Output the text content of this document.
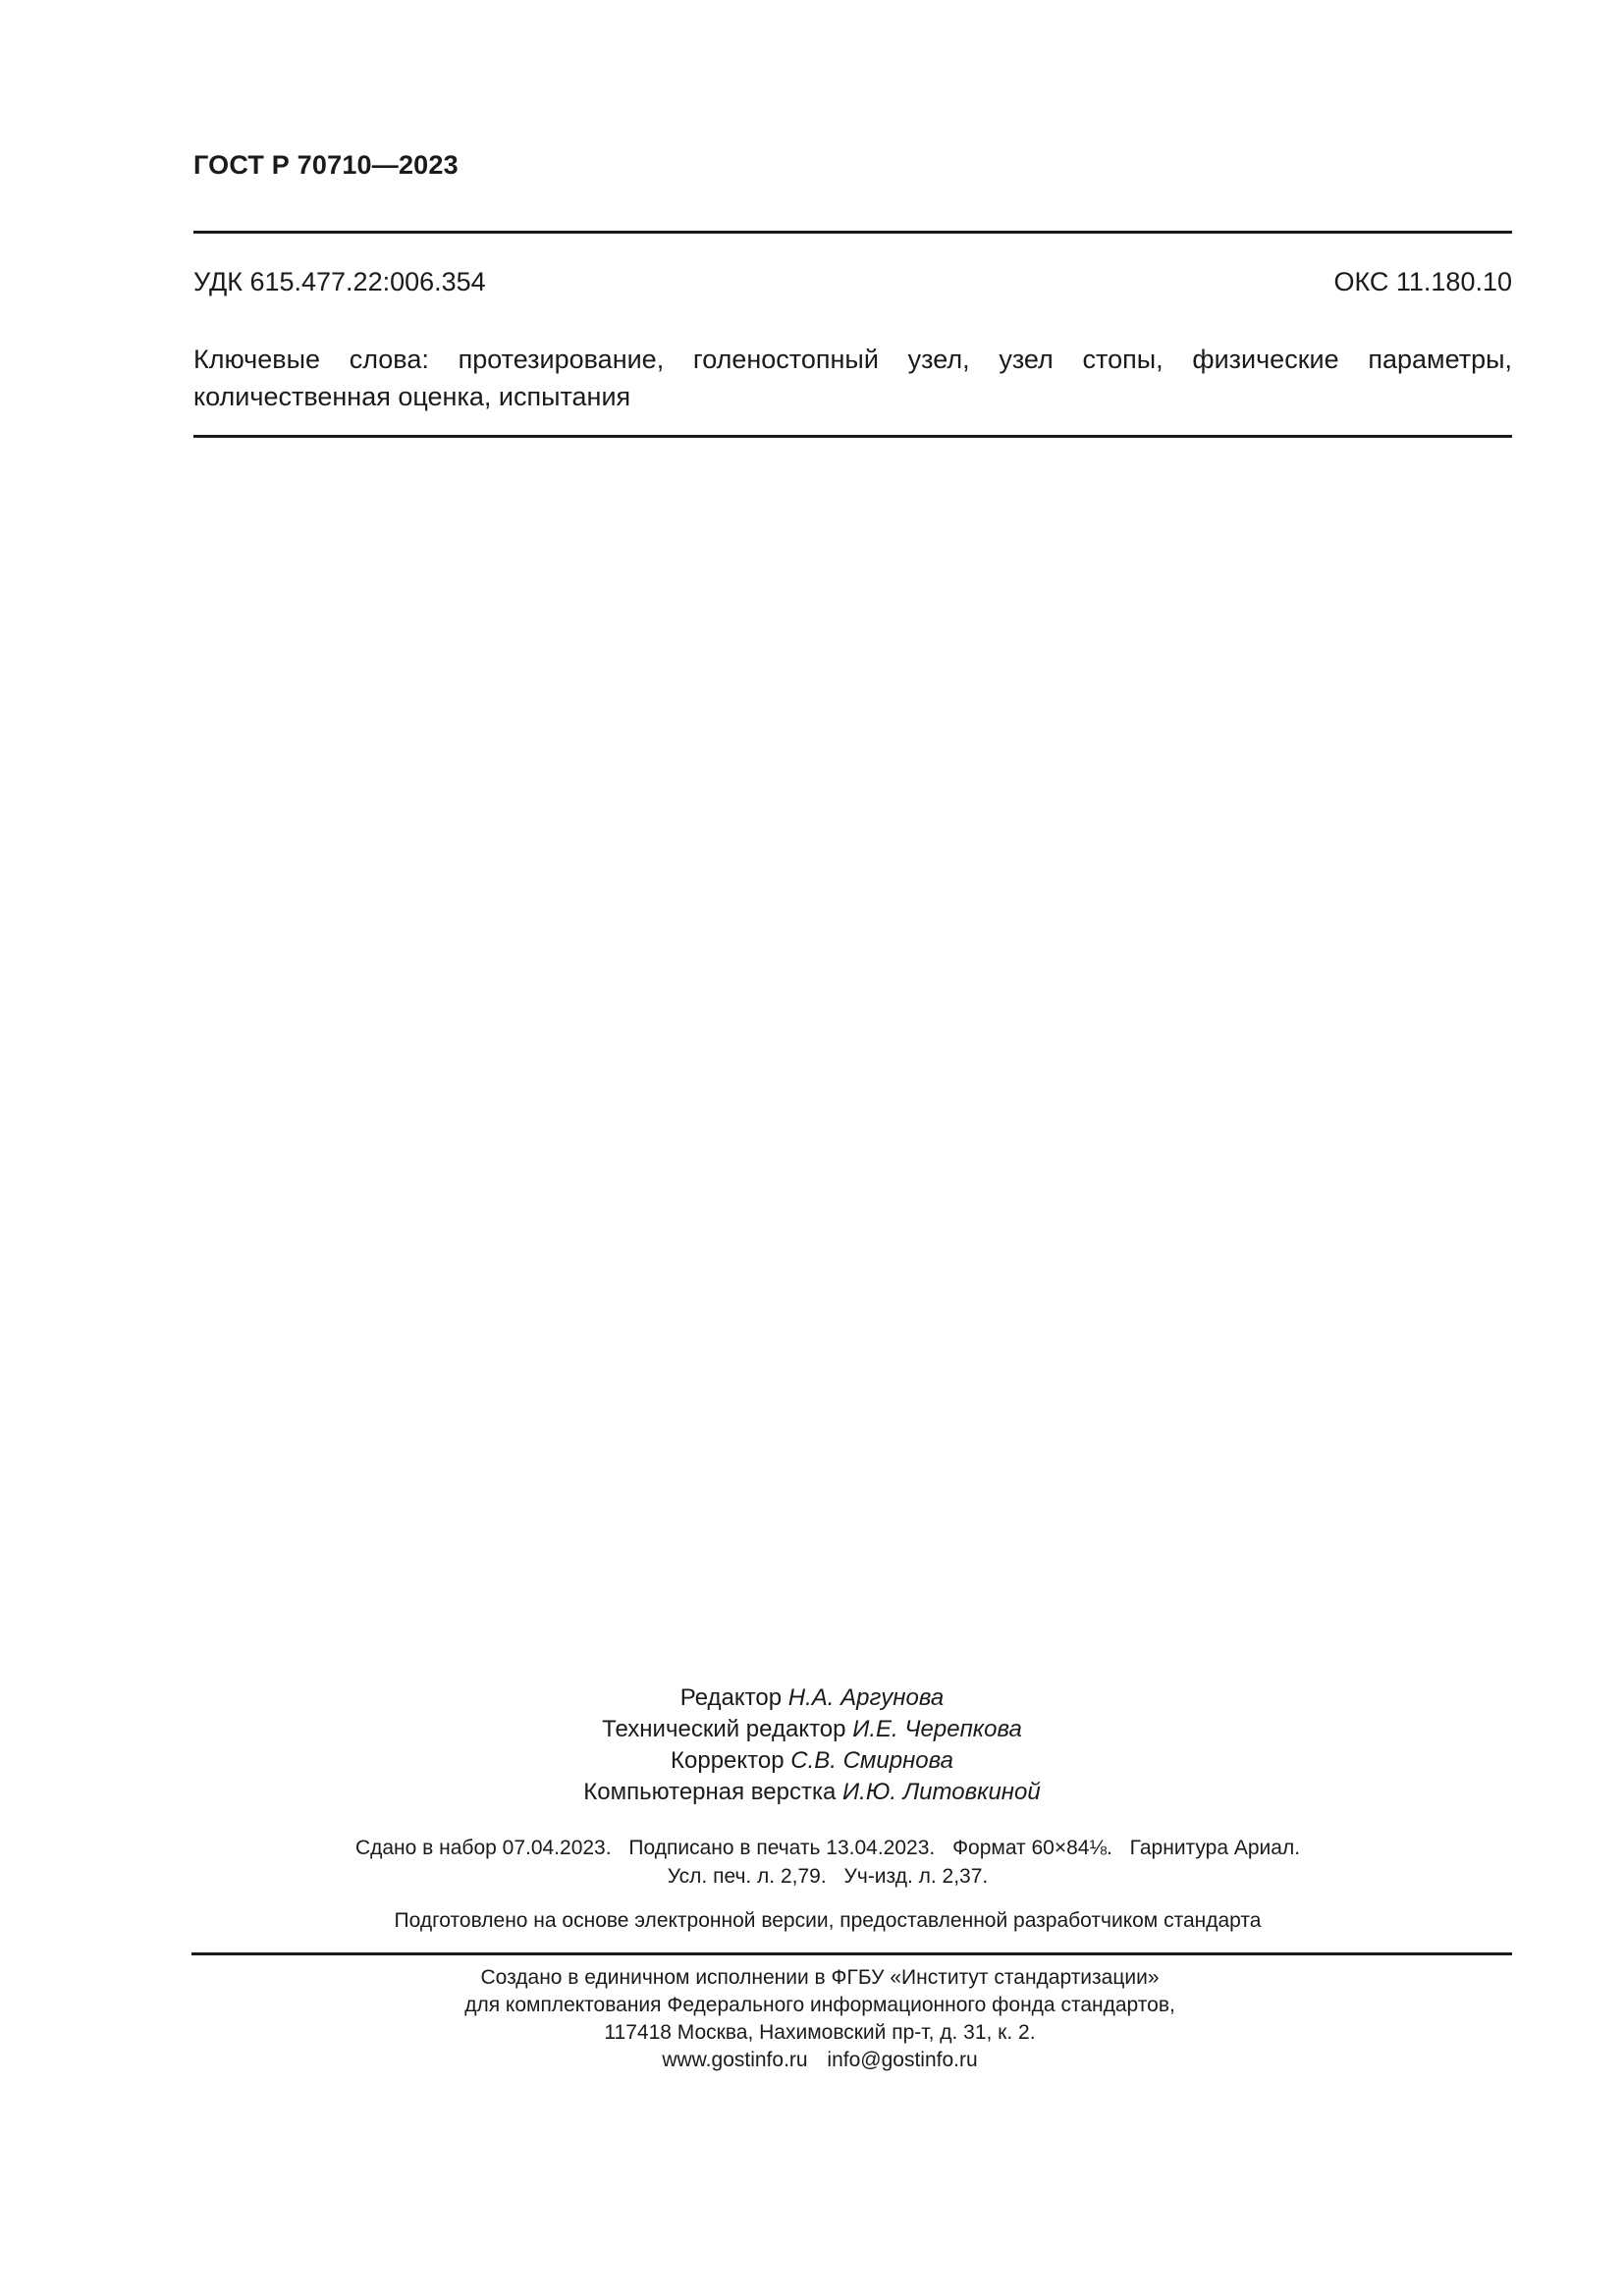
ГОСТ Р 70710—2023
УДК 615.477.22:006.354	ОКС 11.180.10
Ключевые слова: протезирование, голеностопный узел, узел стопы, физические параметры, количественная оценка, испытания
Редактор Н.А. Аргунова
Технический редактор И.Е. Черепкова
Корректор С.В. Смирнова
Компьютерная верстка И.Ю. Литовкиной
Сдано в набор 07.04.2023. Подписано в печать 13.04.2023. Формат 60×84⅛. Гарнитура Ариал.
Усл. печ. л. 2,79. Уч-изд. л. 2,37.
Подготовлено на основе электронной версии, предоставленной разработчиком стандарта
Создано в единичном исполнении в ФГБУ «Институт стандартизации»
для комплектования Федерального информационного фонда стандартов,
117418 Москва, Нахимовский пр-т, д. 31, к. 2.
www.gostinfo.ru info@gostinfo.ru
